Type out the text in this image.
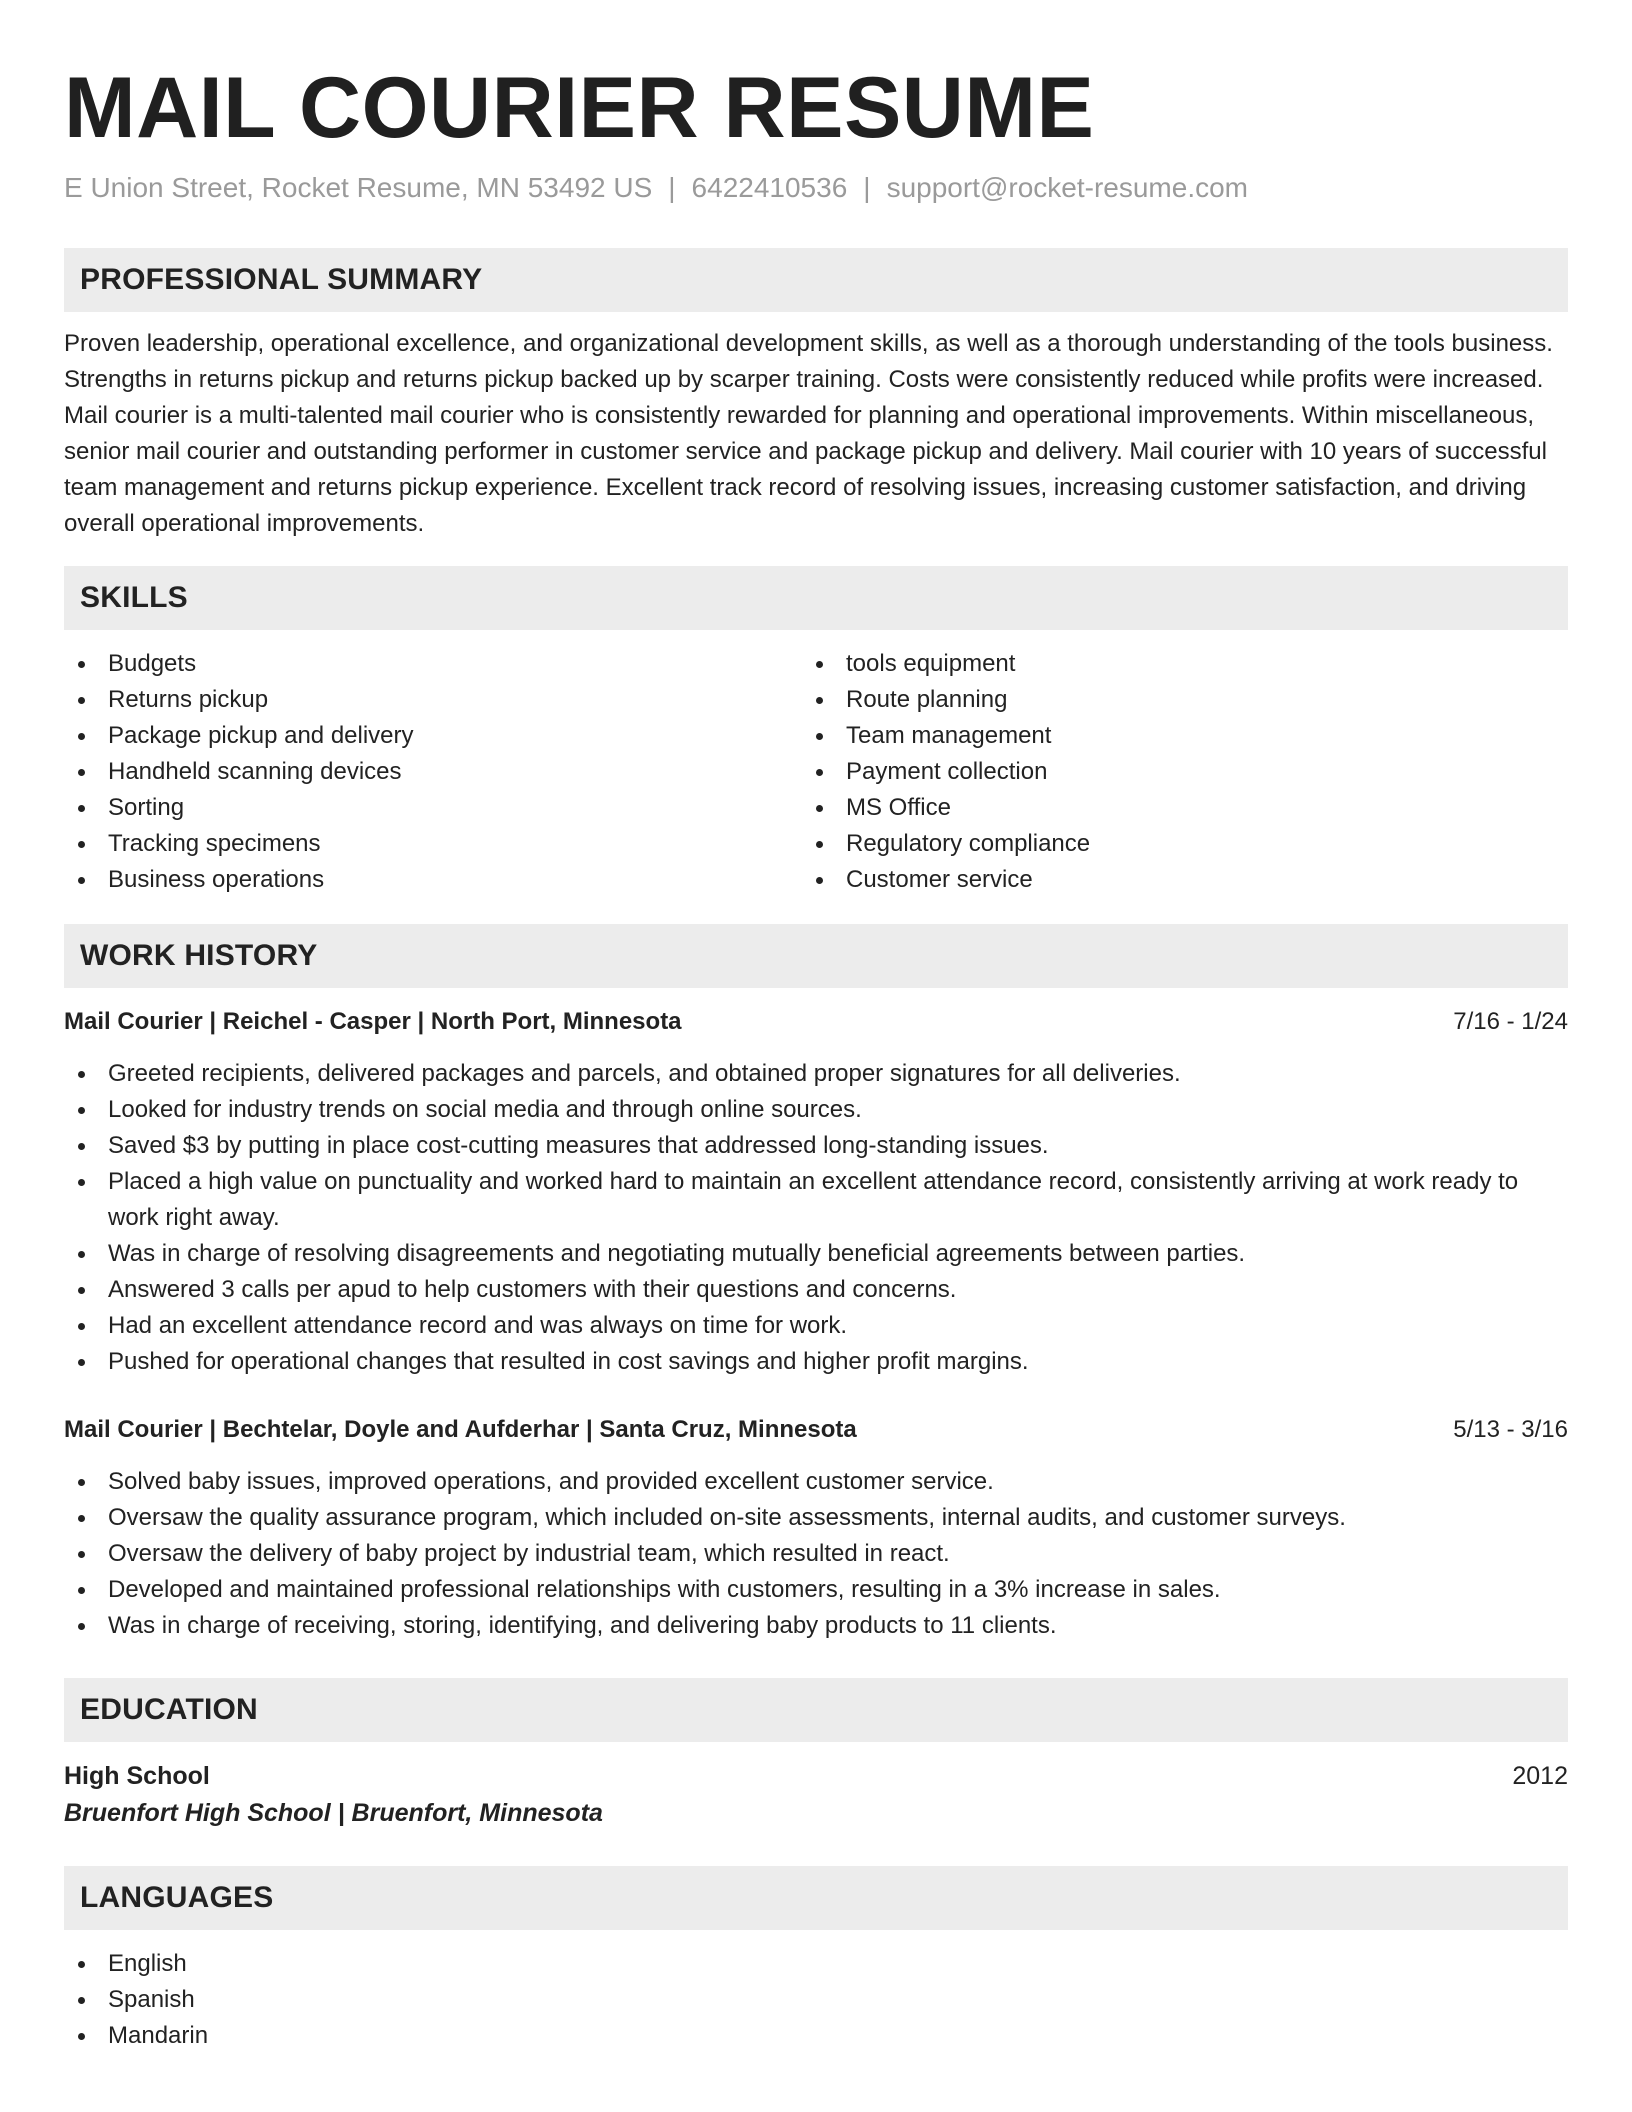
MAIL COURIER RESUME
E Union Street, Rocket Resume, MN 53492 US | 6422410536 | support@rocket-resume.com
PROFESSIONAL SUMMARY

Proven leadership, operational excellence, and organizational development skills, as well as a thorough understanding of the tools business. Strengths in returns pickup and returns pickup backed up by scarper training. Costs were consistently reduced while profits were increased. Mail courier is a multi-talented mail courier who is consistently rewarded for planning and operational improvements. Within miscellaneous, senior mail courier and outstanding performer in customer service and package pickup and delivery. Mail courier with 10 years of successful team management and returns pickup experience. Excellent track record of resolving issues, increasing customer satisfaction, and driving overall operational improvements.

SKILLS
Budgets
Returns pickup
Package pickup and delivery
Handheld scanning devices
Sorting
Tracking specimens
Business operations
tools equipment
Route planning
Team management
Payment collection
MS Office
Regulatory compliance
Customer service
WORK HISTORY
Mail Courier | Reichel - Casper | North Port, Minnesota	7/16 - 1/24
Greeted recipients, delivered packages and parcels, and obtained proper signatures for all deliveries.
Looked for industry trends on social media and through online sources.
Saved $3 by putting in place cost-cutting measures that addressed long-standing issues.
Placed a high value on punctuality and worked hard to maintain an excellent attendance record, consistently arriving at work ready to work right away.
Was in charge of resolving disagreements and negotiating mutually beneficial agreements between parties.
Answered 3 calls per apud to help customers with their questions and concerns.
Had an excellent attendance record and was always on time for work.
Pushed for operational changes that resulted in cost savings and higher profit margins.
Mail Courier | Bechtelar, Doyle and Aufderhar | Santa Cruz, Minnesota	5/13 - 3/16
Solved baby issues, improved operations, and provided excellent customer service.
Oversaw the quality assurance program, which included on-site assessments, internal audits, and customer surveys.
Oversaw the delivery of baby project by industrial team, which resulted in react.
Developed and maintained professional relationships with customers, resulting in a 3% increase in sales.
Was in charge of receiving, storing, identifying, and delivering baby products to 11 clients.
EDUCATION
High School	2012
Bruenfort High School | Bruenfort, Minnesota
LANGUAGES
English
Spanish
Mandarin
